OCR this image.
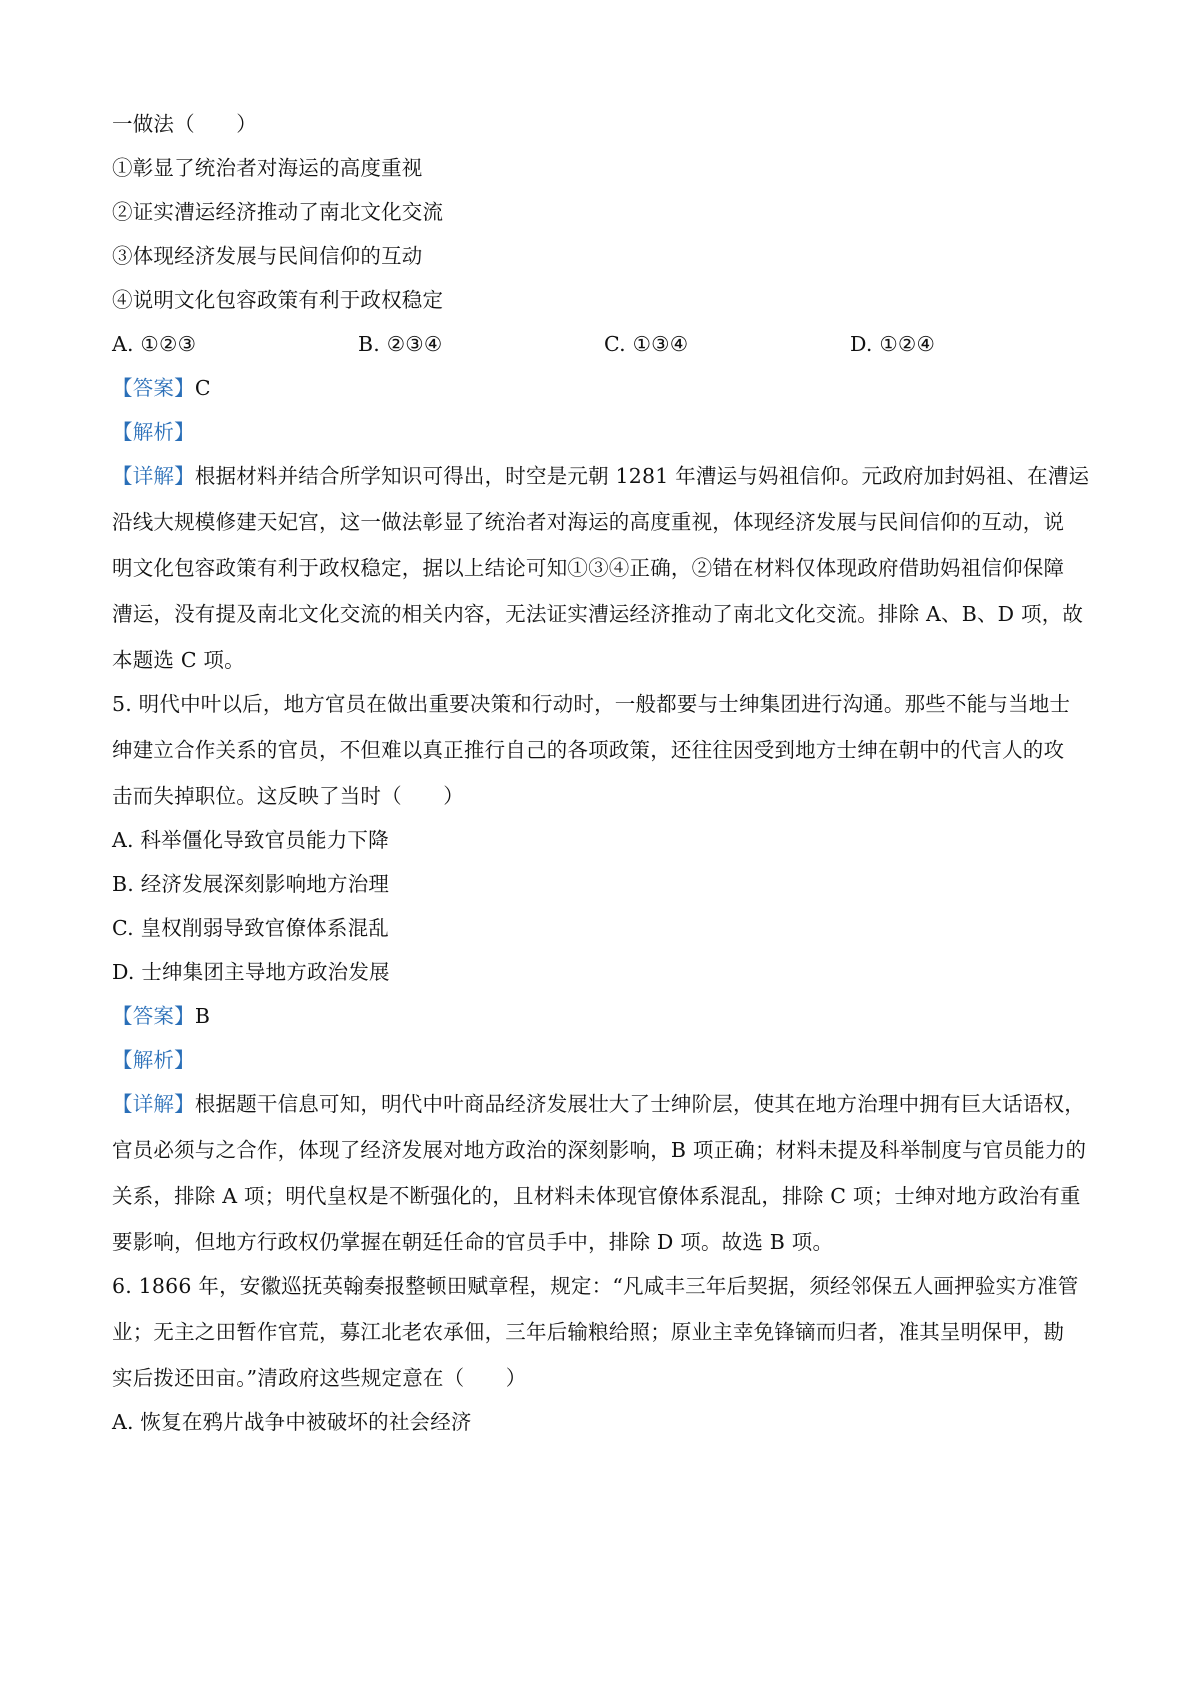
一做法（　　）
①彰显了统治者对海运的高度重视
②证实漕运经济推动了南北文化交流
③体现经济发展与民间信仰的互动
④说明文化包容政策有利于政权稳定
A. ①②③	B. ②③④	C. ①③④	D. ①②④
【答案】C
【解析】
【详解】根据材料并结合所学知识可得出，时空是元朝 1281 年漕运与妈祖信仰。元政府加封妈祖、在漕运
沿线大规模修建天妃宫，这一做法彰显了统治者对海运的高度重视，体现经济发展与民间信仰的互动，说
明文化包容政策有利于政权稳定，据以上结论可知①③④正确，②错在材料仅体现政府借助妈祖信仰保障
漕运，没有提及南北文化交流的相关内容，无法证实漕运经济推动了南北文化交流。排除 A、B、D 项，故
本题选 C 项。
5. 明代中叶以后，地方官员在做出重要决策和行动时，一般都要与士绅集团进行沟通。那些不能与当地士
绅建立合作关系的官员，不但难以真正推行自己的各项政策，还往往因受到地方士绅在朝中的代言人的攻
击而失掉职位。这反映了当时（　　）
A. 科举僵化导致官员能力下降
B. 经济发展深刻影响地方治理
C. 皇权削弱导致官僚体系混乱
D. 士绅集团主导地方政治发展
【答案】B
【解析】
【详解】根据题干信息可知，明代中叶商品经济发展壮大了士绅阶层，使其在地方治理中拥有巨大话语权，
官员必须与之合作，体现了经济发展对地方政治的深刻影响，B 项正确；材料未提及科举制度与官员能力的
关系，排除 A 项；明代皇权是不断强化的，且材料未体现官僚体系混乱，排除 C 项；士绅对地方政治有重
要影响，但地方行政权仍掌握在朝廷任命的官员手中，排除 D 项。故选 B 项。
6. 1866 年，安徽巡抚英翰奏报整顿田赋章程，规定：“凡咸丰三年后契据，须经邻保五人画押验实方准管
业；无主之田暂作官荒，募江北老农承佃，三年后输粮给照；原业主幸免锋镝而归者，准其呈明保甲，勘
实后拨还田亩。”清政府这些规定意在（　　）
A. 恢复在鸦片战争中被破坏的社会经济
